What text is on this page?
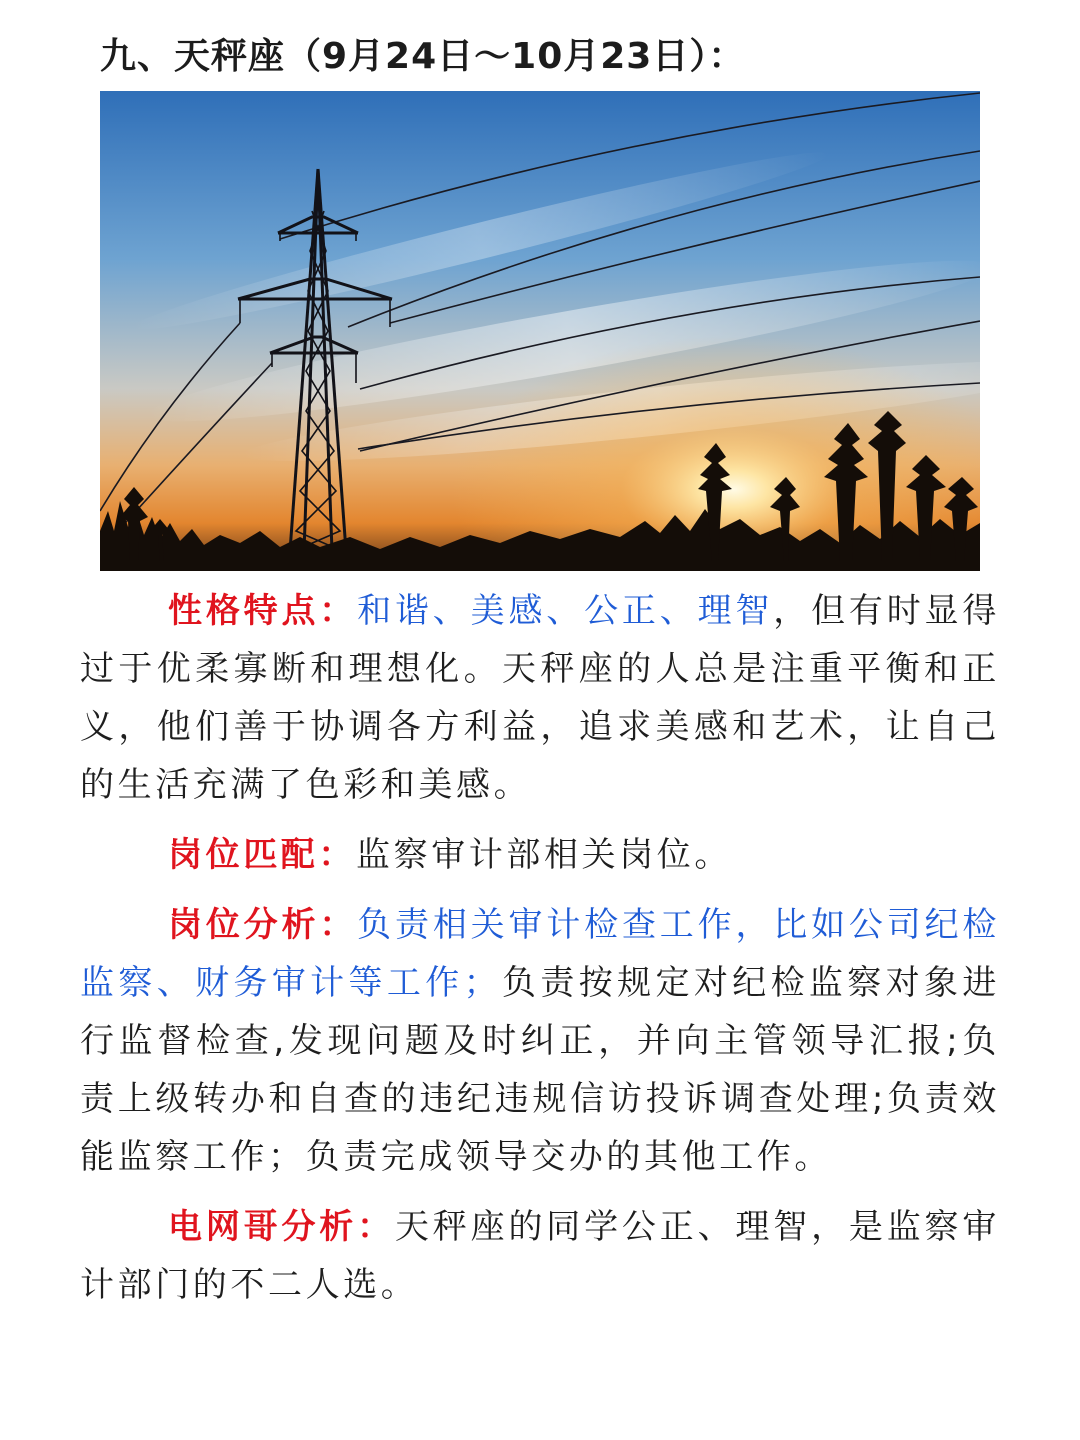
九、天秤座（9月24日～10月23日）：

性格特点：和谐、美感、公正、理智，但有时显得过于优柔寡断和理想化。天秤座的人总是注重平衡和正义，他们善于协调各方利益，追求美感和艺术，让自己的生活充满了色彩和美感。

岗位匹配：监察审计部相关岗位。

岗位分析：负责相关审计检查工作，比如公司纪检监察、财务审计等工作；负责按规定对纪检监察对象进行监督检查,发现问题及时纠正，并向主管领导汇报;负责上级转办和自查的违纪违规信访投诉调查处理;负责效能监察工作；负责完成领导交办的其他工作。

电网哥分析：天秤座的同学公正、理智，是监察审计部门的不二人选。
